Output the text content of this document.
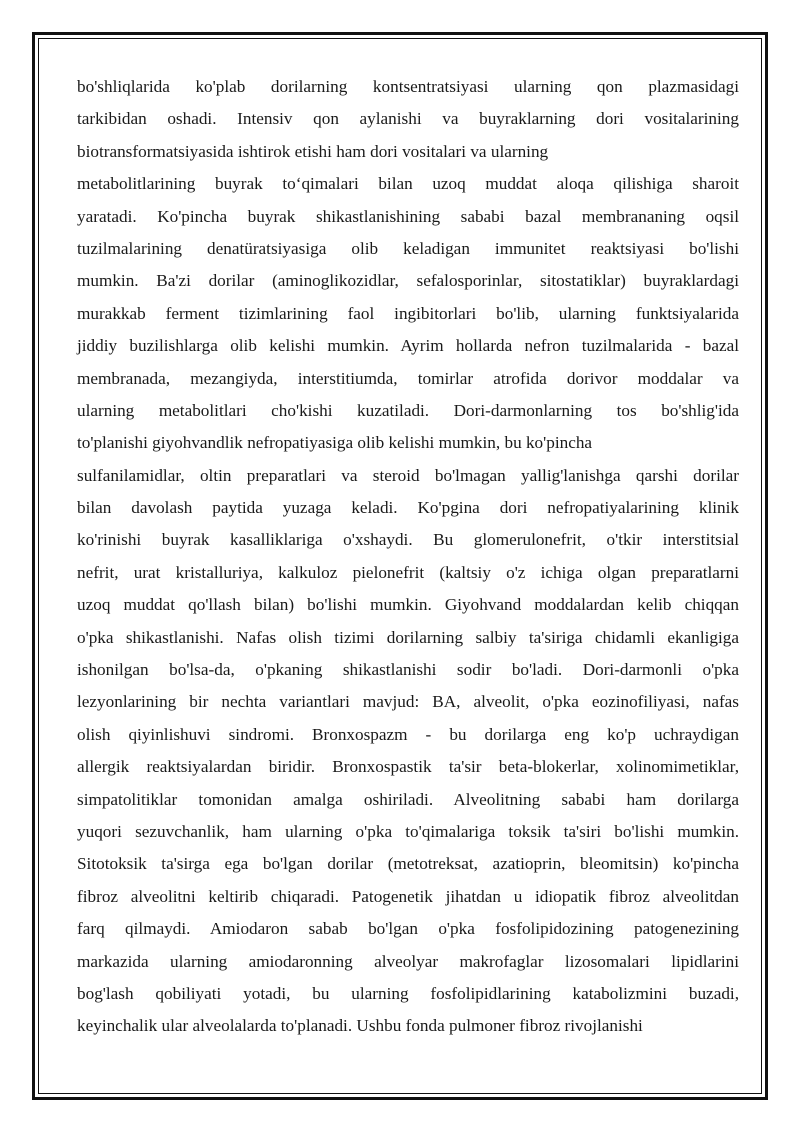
bo'shliqlarida ko'plab dorilarning kontsentratsiyasi ularning qon plazmasidagi
tarkibidan oshadi. Intensiv qon aylanishi va buyraklarning dori vositalarining
biotransformatsiyasida ishtirok etishi ham dori vositalari va ularning
metabolitlarining buyrak to‘qimalari bilan uzoq muddat aloqa qilishiga sharoit
yaratadi. Ko'pincha buyrak shikastlanishining sababi bazal membrananing oqsil
tuzilmalarining denatüratsiyasiga olib keladigan immunitet reaktsiyasi bo'lishi
mumkin. Ba'zi dorilar (aminoglikozidlar, sefalosporinlar, sitostatiklar) buyraklardagi
murakkab ferment tizimlarining faol ingibitorlari bo'lib, ularning funktsiyalarida
jiddiy buzilishlarga olib kelishi mumkin. Ayrim hollarda nefron tuzilmalarida - bazal
membranada, mezangiyda, interstitiumda, tomirlar atrofida dorivor moddalar va
ularning metabolitlari cho'kishi kuzatiladi. Dori-darmonlarning tos bo'shlig'ida
to'planishi giyohvandlik nefropatiyasiga olib kelishi mumkin, bu ko'pincha
sulfanilamidlar, oltin preparatlari va steroid bo'lmagan yallig'lanishga qarshi dorilar
bilan davolash paytida yuzaga keladi. Ko'pgina dori nefropatiyalarining klinik
ko'rinishi buyrak kasalliklariga o'xshaydi. Bu glomerulonefrit, o'tkir interstitsial
nefrit, urat kristalluriya, kalkuloz pielonefrit (kaltsiy o'z ichiga olgan preparatlarni
uzoq muddat qo'llash bilan) bo'lishi mumkin. Giyohvand moddalardan kelib chiqqan
o'pka shikastlanishi. Nafas olish tizimi dorilarning salbiy ta'siriga chidamli ekanligiga
ishonilgan bo'lsa-da, o'pkaning shikastlanishi sodir bo'ladi. Dori-darmonli o'pka
lezyonlarining bir nechta variantlari mavjud: BA, alveolit, o'pka eozinofiliyasi, nafas
olish qiyinlishuvi sindromi. Bronxospazm - bu dorilarga eng ko'p uchraydigan
allergik reaktsiyalardan biridir. Bronxospastik ta'sir beta-blokerlar, xolinomimetiklar,
simpatolitiklar tomonidan amalga oshiriladi. Alveolitning sababi ham dorilarga
yuqori sezuvchanlik, ham ularning o'pka to'qimalariga toksik ta'siri bo'lishi mumkin.
Sitotoksik ta'sirga ega bo'lgan dorilar (metotreksat, azatioprin, bleomitsin) ko'pincha
fibroz alveolitni keltirib chiqaradi. Patogenetik jihatdan u idiopatik fibroz alveolitdan
farq qilmaydi. Amiodaron sabab bo'lgan o'pka fosfolipidozining patogenezining
markazida ularning amiodaronning alveolyar makrofaglar lizosomalari lipidlarini
bog'lash qobiliyati yotadi, bu ularning fosfolipidlarining katabolizmini buzadi,
keyinchalik ular alveolalarda to'planadi. Ushbu fonda pulmoner fibroz rivojlanishi
